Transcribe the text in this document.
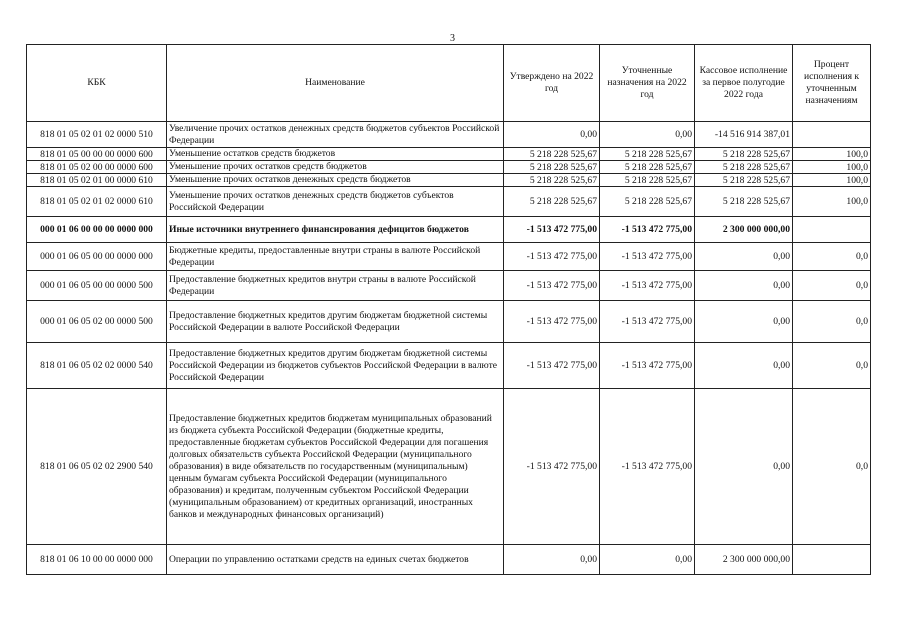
3
КБК	Наименование	Утверждено на 2022 год	Уточненные назначения на 2022 год	Кассовое исполнение за первое полугодие 2022 года	Процент исполнения к уточненным назначениям
818 01 05 02 01 02 0000 510	Увеличение прочих остатков денежных средств бюджетов субъектов Российской Федерации	0,00	0,00	-14 516 914 387,01	
818 01 05 00 00 00 0000 600	Уменьшение остатков средств бюджетов	5 218 228 525,67	5 218 228 525,67	5 218 228 525,67	100,0
818 01 05 02 00 00 0000 600	Уменьшение прочих остатков средств бюджетов	5 218 228 525,67	5 218 228 525,67	5 218 228 525,67	100,0
818 01 05 02 01 00 0000 610	Уменьшение прочих остатков денежных средств бюджетов	5 218 228 525,67	5 218 228 525,67	5 218 228 525,67	100,0
818 01 05 02 01 02 0000 610	Уменьшение прочих остатков денежных средств бюджетов субъектов Российской Федерации	5 218 228 525,67	5 218 228 525,67	5 218 228 525,67	100,0
000 01 06 00 00 00 0000 000	Иные источники внутреннего финансирования дефицитов бюджетов	-1 513 472 775,00	-1 513 472 775,00	2 300 000 000,00	
000 01 06 05 00 00 0000 000	Бюджетные кредиты, предоставленные внутри страны в валюте Российской Федерации	-1 513 472 775,00	-1 513 472 775,00	0,00	0,0
000 01 06 05 00 00 0000 500	Предоставление бюджетных кредитов внутри страны в валюте Российской Федерации	-1 513 472 775,00	-1 513 472 775,00	0,00	0,0
000 01 06 05 02 00 0000 500	Предоставление бюджетных кредитов другим бюджетам бюджетной системы Российской Федерации в валюте Российской Федерации	-1 513 472 775,00	-1 513 472 775,00	0,00	0,0
818 01 06 05 02 02 0000 540	Предоставление бюджетных кредитов другим бюджетам бюджетной системы Российской Федерации из бюджетов субъектов Российской Федерации в валюте Российской Федерации	-1 513 472 775,00	-1 513 472 775,00	0,00	0,0
818 01 06 05 02 02 2900 540	Предоставление бюджетных кредитов бюджетам муниципальных образований из бюджета субъекта Российской Федерации (бюджетные кредиты, предоставленные бюджетам субъектов Российской Федерации для погашения долговых обязательств субъекта Российской Федерации (муниципального образования) в виде обязательств по государственным (муниципальным) ценным бумагам субъекта Российской Федерации (муниципального образования) и кредитам, полученным субъектом Российской Федерации (муниципальным образованием) от кредитных организаций, иностранных банков и международных финансовых организаций)	-1 513 472 775,00	-1 513 472 775,00	0,00	0,0
818 01 06 10 00 00 0000 000	Операции по управлению остатками средств на единых счетах бюджетов	0,00	0,00	2 300 000 000,00	
